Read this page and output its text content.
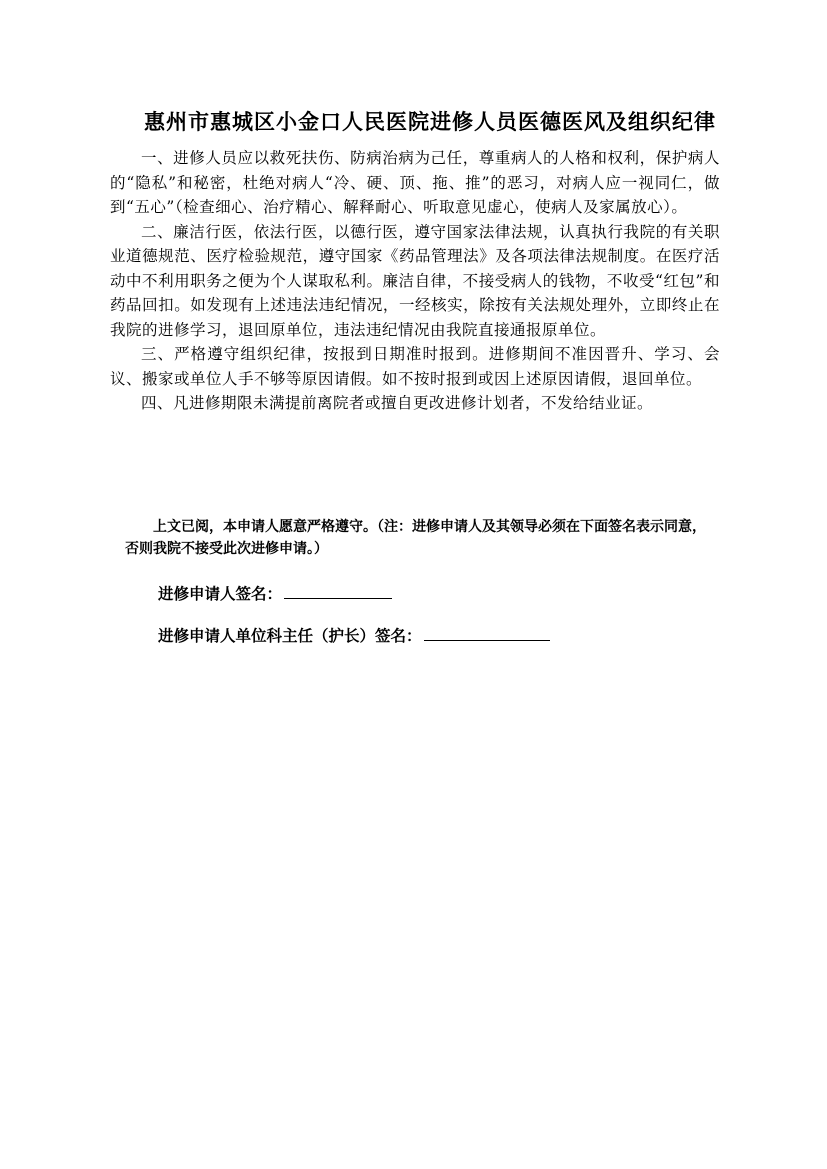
惠州市惠城区小金口人民医院进修人员医德医风及组织纪律

一、进修人员应以救死扶伤、防病治病为己任，尊重病人的人格和权利，保护病人的“隐私”和秘密，杜绝对病人“冷、硬、顶、拖、推”的恶习，对病人应一视同仁，做到“五心”（检查细心、治疗精心、解释耐心、听取意见虚心，使病人及家属放心）。

二、廉洁行医，依法行医，以德行医，遵守国家法律法规，认真执行我院的有关职业道德规范、医疗检验规范，遵守国家《药品管理法》及各项法律法规制度。在医疗活动中不利用职务之便为个人谋取私利。廉洁自律，不接受病人的钱物，不收受“红包”和药品回扣。如发现有上述违法违纪情况，一经核实，除按有关法规处理外，立即终止在我院的进修学习，退回原单位，违法违纪情况由我院直接通报原单位。

三、严格遵守组织纪律，按报到日期准时报到。进修期间不准因晋升、学习、会议、搬家或单位人手不够等原因请假。如不按时报到或因上述原因请假，退回单位。

四、凡进修期限未满提前离院者或擅自更改进修计划者，不发给结业证。

上文已阅，本申请人愿意严格遵守。（注：进修申请人及其领导必须在下面签名表示同意，否则我院不接受此次进修申请。）

进修申请人签名：
进修申请人单位科主任（护长）签名：
